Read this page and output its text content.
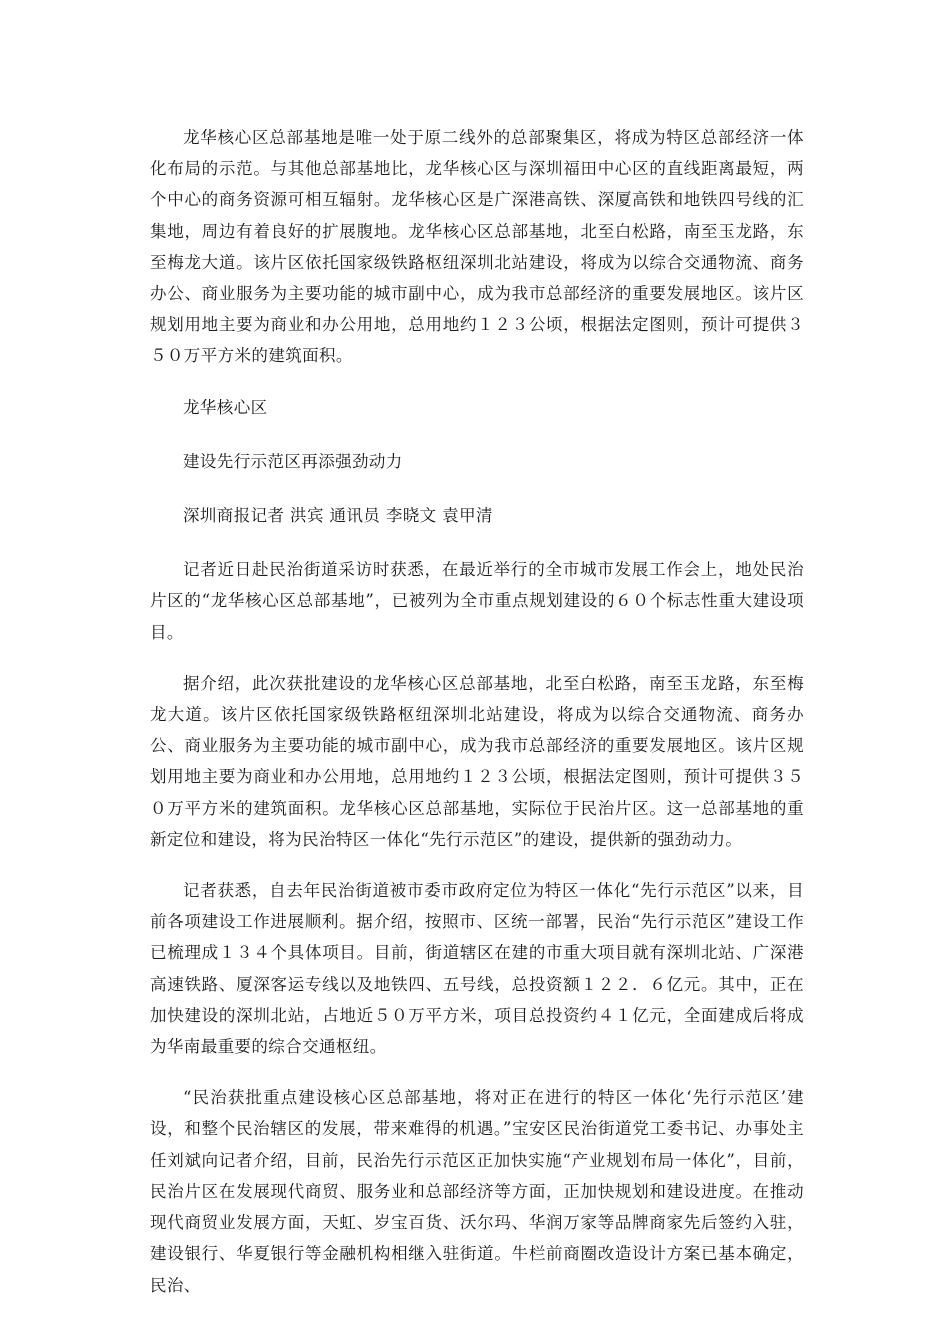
龙华核心区总部基地是唯一处于原二线外的总部聚集区，将成为特区总部经济一体化布局的示范。与其他总部基地比，龙华核心区与深圳福田中心区的直线距离最短，两个中心的商务资源可相互辐射。龙华核心区是广深港高铁、深厦高铁和地铁四号线的汇集地，周边有着良好的扩展腹地。龙华核心区总部基地，北至白松路，南至玉龙路，东至梅龙大道。该片区依托国家级铁路枢纽深圳北站建设，将成为以综合交通物流、商务办公、商业服务为主要功能的城市副中心，成为我市总部经济的重要发展地区。该片区规划用地主要为商业和办公用地，总用地约１２３公顷，根据法定图则，预计可提供３５０万平方米的建筑面积。

龙华核心区

建设先行示范区再添强劲动力

深圳商报记者 洪宾 通讯员 李晓文 袁甲清

记者近日赴民治街道采访时获悉，在最近举行的全市城市发展工作会上，地处民治片区的“龙华核心区总部基地”，已被列为全市重点规划建设的６０个标志性重大建设项目。

据介绍，此次获批建设的龙华核心区总部基地，北至白松路，南至玉龙路，东至梅龙大道。该片区依托国家级铁路枢纽深圳北站建设，将成为以综合交通物流、商务办公、商业服务为主要功能的城市副中心，成为我市总部经济的重要发展地区。该片区规划用地主要为商业和办公用地，总用地约１２３公顷，根据法定图则，预计可提供３５０万平方米的建筑面积。龙华核心区总部基地，实际位于民治片区。这一总部基地的重新定位和建设，将为民治特区一体化“先行示范区”的建设，提供新的强劲动力。

记者获悉，自去年民治街道被市委市政府定位为特区一体化“先行示范区”以来，目前各项建设工作进展顺利。据介绍，按照市、区统一部署，民治“先行示范区”建设工作已梳理成１３４个具体项目。目前，街道辖区在建的市重大项目就有深圳北站、广深港高速铁路、厦深客运专线以及地铁四、五号线，总投资额１２２．６亿元。其中，正在加快建设的深圳北站，占地近５０万平方米，项目总投资约４１亿元，全面建成后将成为华南最重要的综合交通枢纽。

“民治获批重点建设核心区总部基地，将对正在进行的特区一体化‘先行示范区’建设，和整个民治辖区的发展，带来难得的机遇。”宝安区民治街道党工委书记、办事处主任刘斌向记者介绍，目前，民治先行示范区正加快实施“产业规划布局一体化”，目前，民治片区在发展现代商贸、服务业和总部经济等方面，正加快规划和建设进度。在推动现代商贸业发展方面，天虹、岁宝百货、沃尔玛、华润万家等品牌商家先后签约入驻，建设银行、华夏银行等金融机构相继入驻街道。牛栏前商圈改造设计方案已基本确定，民治、
